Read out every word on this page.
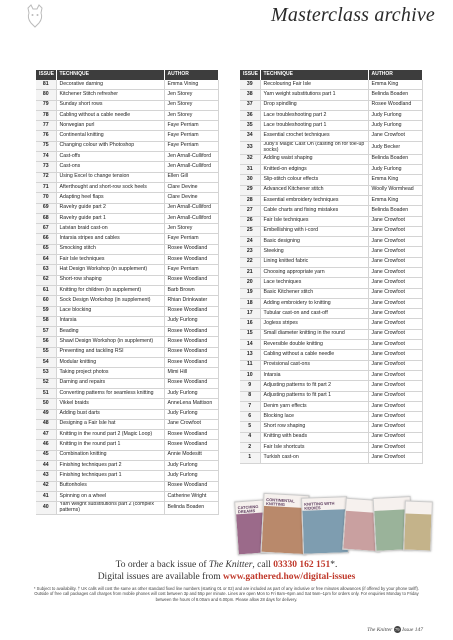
Masterclass archive
ISSUE	TECHNIQUE	AUTHOR
81	Decorative darning	Emma Vining
80	Kitchener Stitch refresher	Jen Storey
79	Sunday short rows	Jen Storey
78	Cabling without a cable needle	Jen Storey
77	Norwegian purl	Faye Perriam
76	Continental knitting	Faye Perriam
75	Changing colour with Photoshop	Faye Perriam
74	Cast-offs	Jen Arnall-Culliford
73	Cast-ons	Jen Arnall-Culliford
72	Using Excel to change tension	Ellen Gill
71	Afterthought and short-row sock heels	Clare Devine
70	Adapting heel flaps	Clare Devine
69	Ravelry guide part 2	Jen Arnall-Culliford
68	Ravelry guide part 1	Jen Arnall-Culliford
67	Latvian braid cast-on	Jen Storey
66	Intarsia stripes and cables	Faye Perriam
65	Smocking stitch	Rosee Woodland
64	Fair Isle techniques	Rosee Woodland
63	Hat Design Workshop (in supplement)	Faye Perriam
62	Short-row shaping	Rosee Woodland
61	Knitting for children (in supplement)	Barb Brown
60	Sock Design Workshop (in supplement)	Rhian Drinkwater
59	Lace blocking	Rosee Woodland
58	Intarsia	Judy Furlong
57	Beading	Rosee Woodland
56	Shawl Design Workshop (in supplement)	Rosee Woodland
55	Preventing and tackling RSI	Rosee Woodland
54	Modular knitting	Rosee Woodland
53	Taking project photos	Mimi Hill
52	Darning and repairs	Rosee Woodland
51	Converting patterns for seamless knitting	Judy Furlong
50	Vikkel braids	AnneLena Mattison
49	Adding bust darts	Judy Furlong
48	Designing a Fair Isle hat	Jane Crowfoot
47	Knitting in the round part 2 (Magic Loop)	Rosee Woodland
46	Knitting in the round part 1	Rosee Woodland
45	Combination knitting	Annie Modesitt
44	Finishing techniques part 2	Judy Furlong
43	Finishing techniques part 1	Judy Furlong
42	Buttonholes	Rosee Woodland
41	Spinning on a wheel	Catherine Wright
40	Yarn weight substitutions part 2 (complex patterns)	Belinda Boaden
ISSUE	TECHNIQUE	AUTHOR
39	Recolouring Fair Isle	Emma King
38	Yarn weight substitutions part 1	Belinda Boaden
37	Drop spindling	Rosee Woodland
36	Lace troubleshooting part 2	Judy Furlong
35	Lace troubleshooting part 1	Judy Furlong
34	Essential crochet techniques	Jane Crowfoot
33	Judy's Magic Cast On (casting on for toe-up socks)	Judy Becker
32	Adding waist shaping	Belinda Boaden
31	Knitted-on edgings	Judy Furlong
30	Slip-stitch colour effects	Emma King
29	Advanced Kitchener stitch	Woolly Wormhead
28	Essential embroidery techniques	Emma King
27	Cable charts and fixing mistakes	Belinda Boaden
26	Fair Isle techniques	Jane Crowfoot
25	Embellishing with i-cord	Jane Crowfoot
24	Basic designing	Jane Crowfoot
23	Steeking	Jane Crowfoot
22	Lining knitted fabric	Jane Crowfoot
21	Choosing appropriate yarn	Jane Crowfoot
20	Lace techniques	Jane Crowfoot
19	Basic Kitchener stitch	Jane Crowfoot
18	Adding embroidery to knitting	Jane Crowfoot
17	Tubular cast-on and cast-off	Jane Crowfoot
16	Jogless stripes	Jane Crowfoot
15	Small diameter knitting in the round	Jane Crowfoot
14	Reversible double knitting	Jane Crowfoot
13	Cabling without a cable needle	Jane Crowfoot
11	Provisional cast-ons	Jane Crowfoot
10	Intarsia	Jane Crowfoot
9	Adjusting patterns to fit part 2	Jane Crowfoot
8	Adjusting patterns to fit part 1	Jane Crowfoot
7	Denim yarn effects	Jane Crowfoot
6	Blocking lace	Jane Crowfoot
5	Short row shaping	Jane Crowfoot
4	Knitting with beads	Jane Crowfoot
2	Fair Isle shortcuts	Jane Crowfoot
1	Turkish cast-on	Jane Crowfoot
CATCHING DREAMS
CONTINENTAL KNITTING	KNITTING WITH KIDDIES
To order a back issue of The Knitter, call 03330 162 151*.
Digital issues are available from www.gathered.how/digital-issues
* Subject to availability. † UK calls will cost the same as other standard fixed line numbers (starting 01 or 02) and are included as part of any inclusive or free minutes allowances (if offered by your phone tariff). Outside of free call packages call charges from mobile phones will cost between 3p and 55p per minute. Lines are open Mon to Fri 8am–6pm and Sat 9am–1pm for orders only. For enquiries Monday to Friday between the hours of 8.00am and 6.00pm. Please allow 28 days for delivery.
The Knitter 79 Issue 147
